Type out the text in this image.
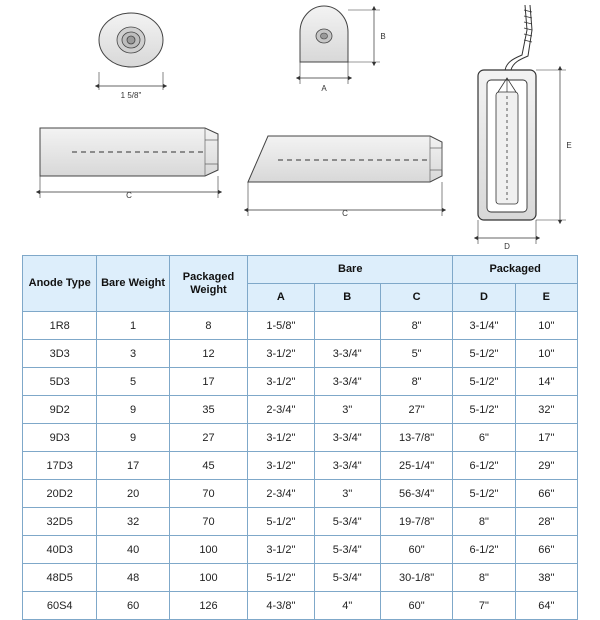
1 5/8"
B
A
E
D
C
C
Anode Type	Bare Weight	Packaged Weight	Bare			Packaged	
			A	B	C	D	E
1R8	1	8	1-5/8"		8"	3-1/4"	10"
3D3	3	12	3-1/2"	3-3/4"	5"	5-1/2"	10"
5D3	5	17	3-1/2"	3-3/4"	8"	5-1/2"	14"
9D2	9	35	2-3/4"	3"	27"	5-1/2"	32"
9D3	9	27	3-1/2"	3-3/4"	13-7/8"	6"	17"
17D3	17	45	3-1/2"	3-3/4"	25-1/4"	6-1/2"	29"
20D2	20	70	2-3/4"	3"	56-3/4"	5-1/2"	66"
32D5	32	70	5-1/2"	5-3/4"	19-7/8"	8"	28"
40D3	40	100	3-1/2"	5-3/4"	60"	6-1/2"	66"
48D5	48	100	5-1/2"	5-3/4"	30-1/8"	8"	38"
60S4	60	126	4-3/8"	4"	60"	7"	64"
